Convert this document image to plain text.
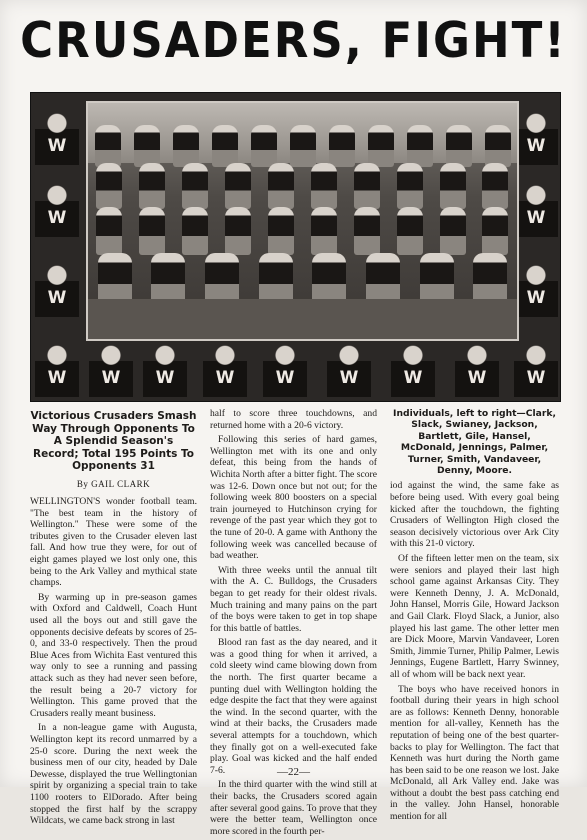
CRUSADERS, FIGHT!
W
W
W
W
W
W
W W W W W	W	W	W W
Victorious Crusaders Smash Way Through Opponents To A Splendid Season's Record; Total 195 Points To Opponents 31
By GAIL CLARK

WELLINGTON'S wonder football team. "The best team in the history of Wellington." These were some of the tributes given to the Crusader eleven last fall. And how true they were, for out of eight games played we lost only one, this being to the Ark Valley and mythical state champs.

By warming up in pre-season games with Oxford and Caldwell, Coach Hunt used all the boys out and still gave the opponents decisive defeats by scores of 25-0, and 33-0 respectively. Then the proud Blue Aces from Wichita East ventured this way only to see a running and passing attack such as they had never seen before, the result being a 20-7 victory for Wellington. This game proved that the Crusaders really meant business.

In a non-league game with Augusta, Wellington kept its record unmarred by a 25-0 score. During the next week the business men of our city, headed by Dale Dewesse, displayed the true Wellingtonian spirit by organizing a special train to take 1100 rooters to ElDorado. After being stopped the first half by the scrappy Wildcats, we came back strong in last

half to score three touchdowns, and returned home with a 20-6 victory.

Following this series of hard games, Wellington met with its one and only defeat, this being from the hands of Wichita North after a bitter fight. The score was 12-6. Down once but not out; for the following week 800 boosters on a special train journeyed to Hutchinson crying for revenge of the past year which they got to the tune of 20-0. A game with Anthony the following week was cancelled because of bad weather.

With three weeks until the annual tilt with the A. C. Bulldogs, the Crusaders began to get ready for their oldest rivals. Much training and many pains on the part of the boys were taken to get in top shape for this battle of battles.

Blood ran fast as the day neared, and it was a good thing for when it arrived, a cold sleety wind came blowing down from the north. The first quarter became a punting duel with Wellington holding the edge despite the fact that they were against the wind. In the second quarter, with the wind at their backs, the Crusaders made several attempts for a touchdown, which they finally got on a well-executed fake play. Goal was kicked and the half ended 7-6.

In the third quarter with the wind still at their backs, the Crusaders scored again after several good gains. To prove that they were the better team, Wellington once more scored in the fourth per-

Individuals, left to right—Clark, Slack, Swianey, Jackson, Bartlett, Gile, Hansel, McDonald, Jennings, Palmer, Turner, Smith, Vandaveer, Denny, Moore.

iod against the wind, the same fake as before being used. With every goal being kicked after the touchdown, the fighting Crusaders of Wellington High closed the season decisively victorious over Ark City with this 21-0 victory.

Of the fifteen letter men on the team, six were seniors and played their last high school game against Arkansas City. They were Kenneth Denny, J. A. McDonald, John Hansel, Morris Gile, Howard Jackson and Gail Clark. Floyd Slack, a Junior, also played his last game. The other letter men are Dick Moore, Marvin Vandaveer, Loren Smith, Jimmie Turner, Philip Palmer, Lewis Jennings, Eugene Bartlett, Harry Swinney, all of whom will be back next year.

The boys who have received honors in football during their years in high school are as follows: Kenneth Denny, honorable mention for all-valley, Kenneth has the reputation of being one of the best quarter-backs to play for Wellington. The fact that Kenneth was hurt during the North game has been said to be one reason we lost. Jake McDonald, all Ark Valley end. Jake was without a doubt the best pass catching end in the valley. John Hansel, honorable mention for all

—22—
